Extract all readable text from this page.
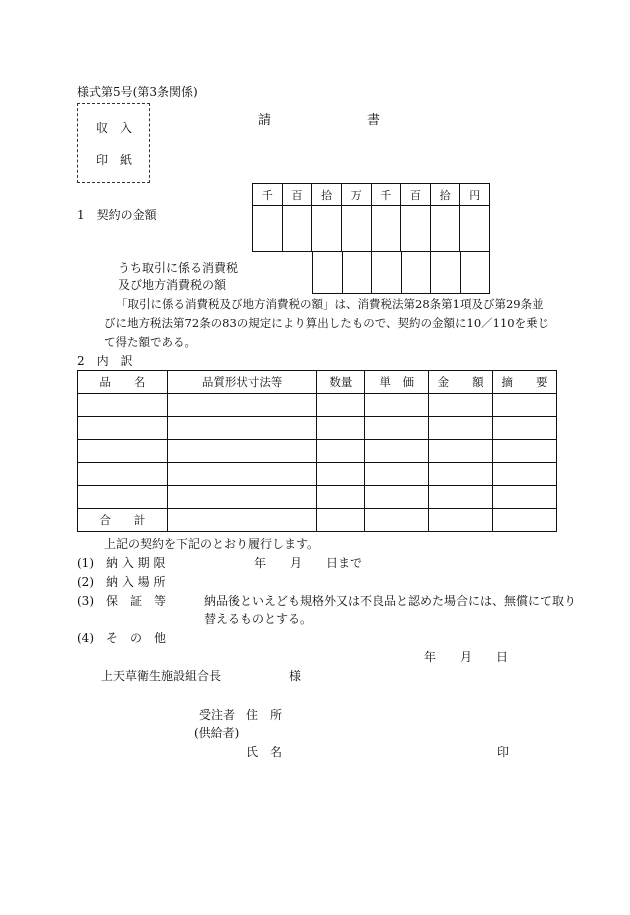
様式第5号(第3条関係)
収　入
印　紙
請	書
1　契約の金額
千	百	拾	万	千	百	拾	円

うち取引に係る消費税
及び地方消費税の額

「取引に係る消費税及び地方消費税の額」は、消費税法第28条第1項及び第29条並
びに地方税法第72条の83の規定により算出したもので、契約の金額に10／110を乗じ
て得た額である。
2　内　訳
品　　名	品質形状寸法等	数量	単　価	金　　額	摘　　要

合　　計					
上記の契約を下記のとおり履行します。
(1)　納 入 期 限	年　　月　　日まで
(2)　納 入 場 所
(3)　保　証　等	納品後といえども規格外又は不良品と認めた場合には、無償にて取り
替えるものとする。
(4)　そ　の　他
年　　月　　日
上天草衛生施設組合長	様
受注者 住　所
(供給者)
氏　名	印
